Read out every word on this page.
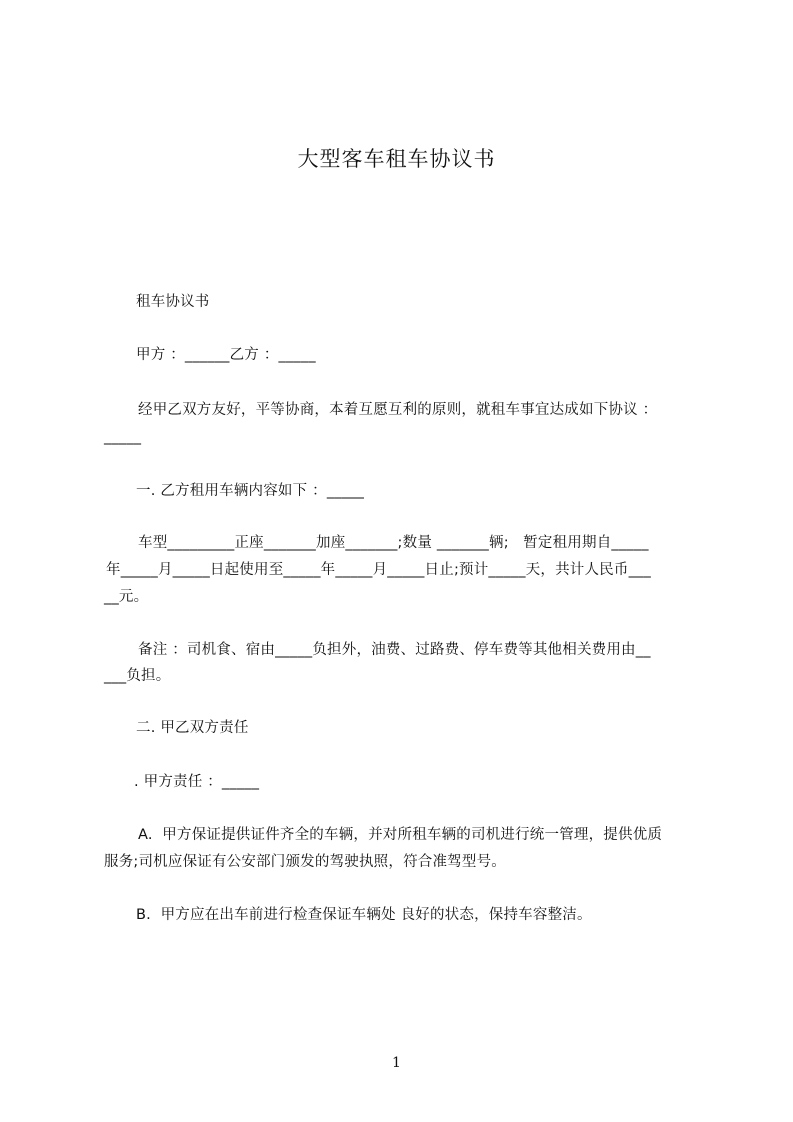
大型客车租车协议书
租车协议书
甲方 ：______乙方 ：_____
经甲乙双方友好，平等协商，本着互愿互利的原则，就租车事宜达成如下协议 ：
_____
一. 乙方租用车辆内容如下 ：_____
车型_________正座_______加座_______;数量 _______辆;   暂定租用期自_____
年_____月_____日起使用至_____年_____月_____日止;预计_____天，共计人民币___
__元。
备注 ：司机食、宿由_____负担外，油费、过路费、停车费等其他相关费用由__
___负担。
二. 甲乙双方责任
. 甲方责任 ：_____
A.  甲方保证提供证件齐全的车辆，并对所租车辆的司机进行统一管理，提供优质
服务;司机应保证有公安部门颁发的驾驶执照，符合准驾型号。
B.  甲方应在出车前进行检查保证车辆处 良好的状态，保持车容整洁。
1
